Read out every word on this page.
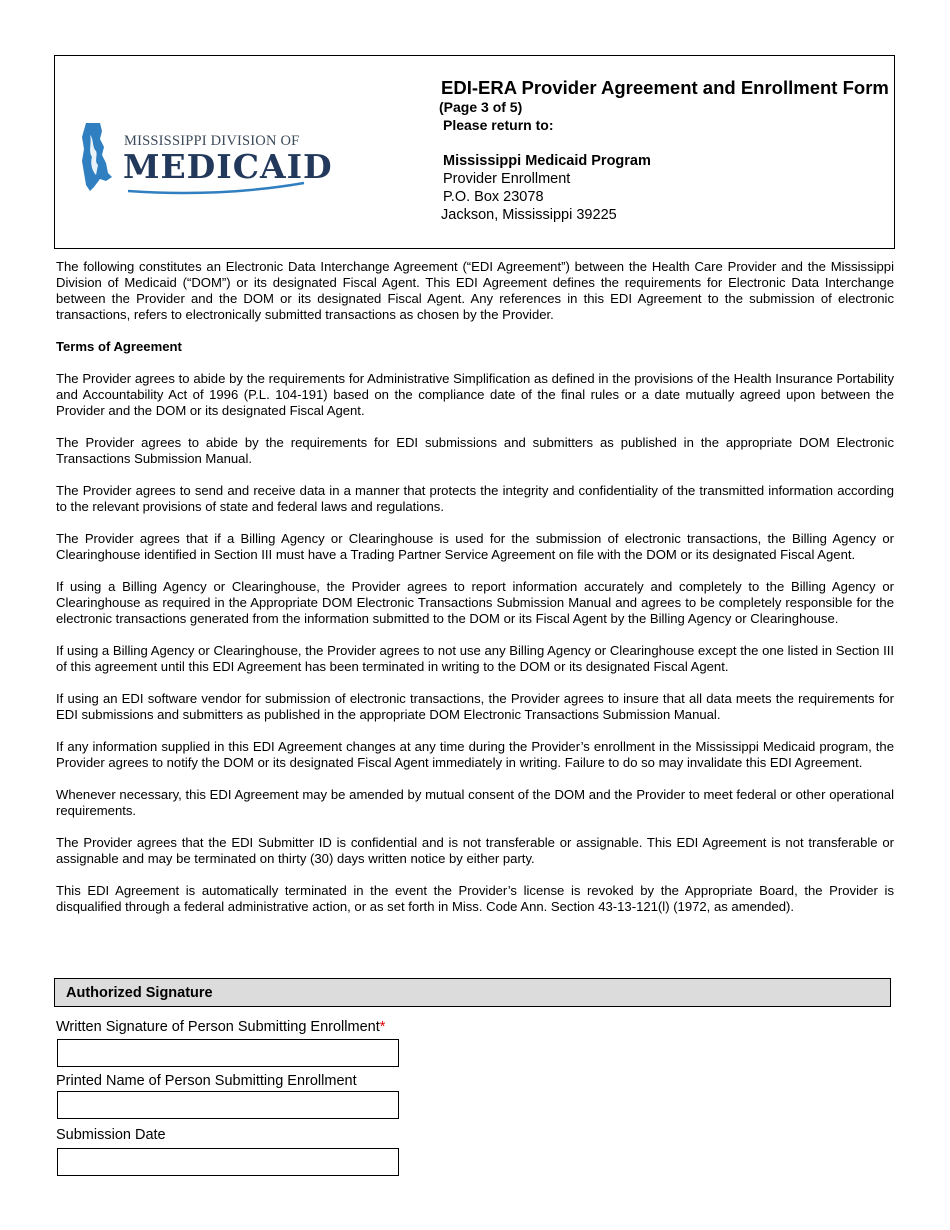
MISSISSIPPI DIVISION OF
MEDICAID
EDI-ERA Provider Agreement and Enrollment Form
(Page 3 of 5)
Please return to:
Mississippi Medicaid Program
Provider Enrollment
P.O. Box 23078
Jackson, Mississippi 39225

The following constitutes an Electronic Data Interchange Agreement (“EDI Agreement”) between the Health Care Provider and the Mississippi Division of Medicaid (“DOM”) or its designated Fiscal Agent. This EDI Agreement defines the requirements for Electronic Data Interchange between the Provider and the DOM or its designated Fiscal Agent. Any references in this EDI Agreement to the submission of electronic transactions, refers to electronically submitted transactions as chosen by the Provider.

Terms of Agreement

The Provider agrees to abide by the requirements for Administrative Simplification as defined in the provisions of the Health Insurance Portability and Accountability Act of 1996 (P.L. 104-191) based on the compliance date of the final rules or a date mutually agreed upon between the Provider and the DOM or its designated Fiscal Agent.

The Provider agrees to abide by the requirements for EDI submissions and submitters as published in the appropriate DOM Electronic Transactions Submission Manual.

The Provider agrees to send and receive data in a manner that protects the integrity and confidentiality of the transmitted information according to the relevant provisions of state and federal laws and regulations.

The Provider agrees that if a Billing Agency or Clearinghouse is used for the submission of electronic transactions, the Billing Agency or Clearinghouse identified in Section III must have a Trading Partner Service Agreement on file with the DOM or its designated Fiscal Agent.

If using a Billing Agency or Clearinghouse, the Provider agrees to report information accurately and completely to the Billing Agency or Clearinghouse as required in the Appropriate DOM Electronic Transactions Submission Manual and agrees to be completely responsible for the electronic transactions generated from the information submitted to the DOM or its Fiscal Agent by the Billing Agency or Clearinghouse.

If using a Billing Agency or Clearinghouse, the Provider agrees to not use any Billing Agency or Clearinghouse except the one listed in Section III of this agreement until this EDI Agreement has been terminated in writing to the DOM or its designated Fiscal Agent.

If using an EDI software vendor for submission of electronic transactions, the Provider agrees to insure that all data meets the requirements for EDI submissions and submitters as published in the appropriate DOM Electronic Transactions Submission Manual.

If any information supplied in this EDI Agreement changes at any time during the Provider’s enrollment in the Mississippi Medicaid program, the Provider agrees to notify the DOM or its designated Fiscal Agent immediately in writing. Failure to do so may invalidate this EDI Agreement.

Whenever necessary, this EDI Agreement may be amended by mutual consent of the DOM and the Provider to meet federal or other operational requirements.

The Provider agrees that the EDI Submitter ID is confidential and is not transferable or assignable. This EDI Agreement is not transferable or assignable and may be terminated on thirty (30) days written notice by either party.

This EDI Agreement is automatically terminated in the event the Provider’s license is revoked by the Appropriate Board, the Provider is disqualified through a federal administrative action, or as set forth in Miss. Code Ann. Section 43-13-121(l) (1972, as amended).

Authorized Signature
Written Signature of Person Submitting Enrollment*
Printed Name of Person Submitting Enrollment
Submission Date
